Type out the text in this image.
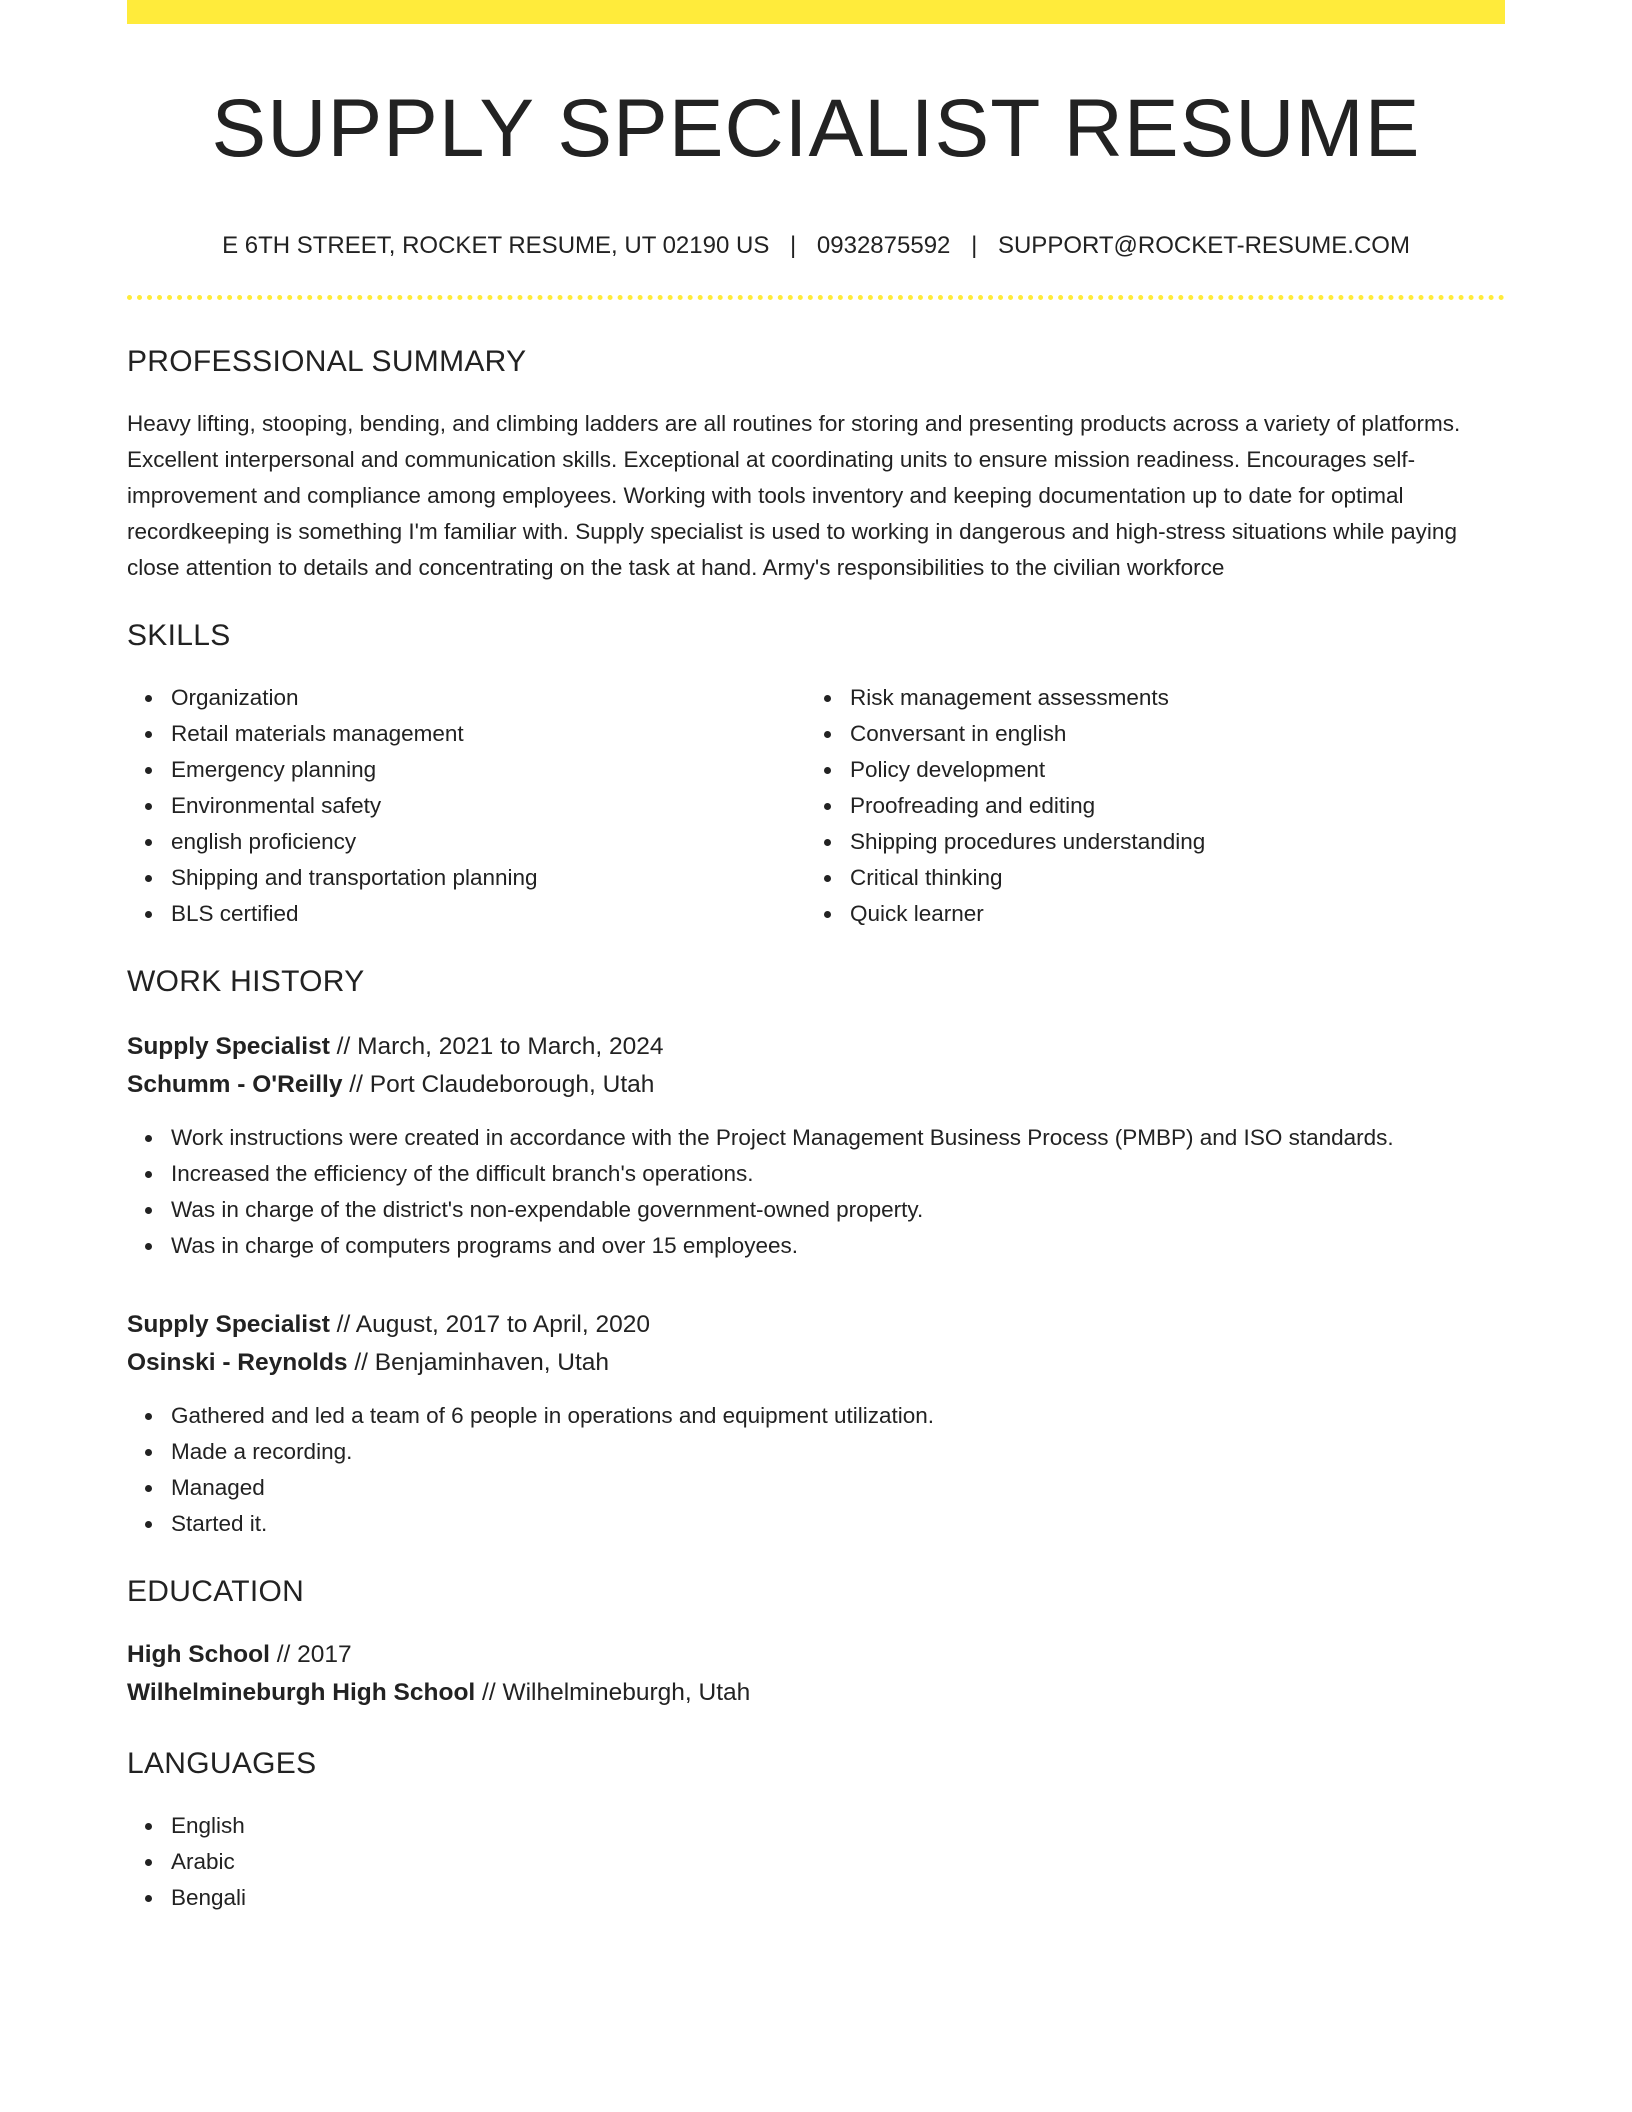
SUPPLY SPECIALIST RESUME
E 6TH STREET, ROCKET RESUME, UT 02190 US | 0932875592 | SUPPORT@ROCKET-RESUME.COM
PROFESSIONAL SUMMARY

Heavy lifting, stooping, bending, and climbing ladders are all routines for storing and presenting products across a variety of platforms. Excellent interpersonal and communication skills. Exceptional at coordinating units to ensure mission readiness. Encourages self-improvement and compliance among employees. Working with tools inventory and keeping documentation up to date for optimal recordkeeping is something I'm familiar with. Supply specialist is used to working in dangerous and high-stress situations while paying close attention to details and concentrating on the task at hand. Army's responsibilities to the civilian workforce

SKILLS
Organization
Retail materials management
Emergency planning
Environmental safety
english proficiency
Shipping and transportation planning
BLS certified
Risk management assessments
Conversant in english
Policy development
Proofreading and editing
Shipping procedures understanding
Critical thinking
Quick learner
WORK HISTORY
Supply Specialist // March, 2021 to March, 2024
Schumm - O'Reilly // Port Claudeborough, Utah
Work instructions were created in accordance with the Project Management Business Process (PMBP) and ISO standards.
Increased the efficiency of the difficult branch's operations.
Was in charge of the district's non-expendable government-owned property.
Was in charge of computers programs and over 15 employees.
Supply Specialist // August, 2017 to April, 2020
Osinski - Reynolds // Benjaminhaven, Utah
Gathered and led a team of 6 people in operations and equipment utilization.
Made a recording.
Managed
Started it.
EDUCATION
High School // 2017
Wilhelmineburgh High School // Wilhelmineburgh, Utah
LANGUAGES
English
Arabic
Bengali
